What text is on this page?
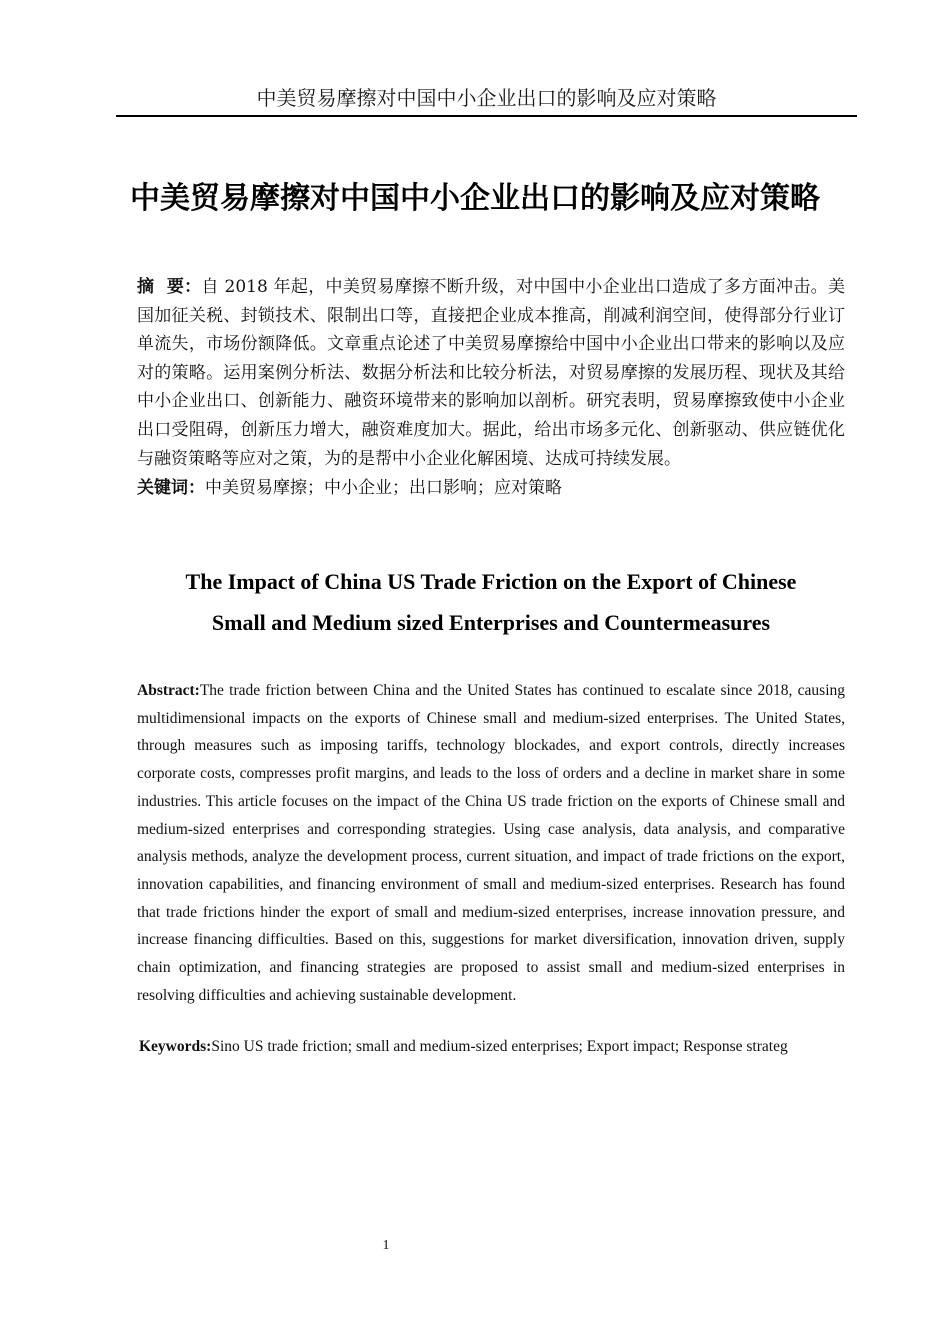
中美贸易摩擦对中国中小企业出口的影响及应对策略
中美贸易摩擦对中国中小企业出口的影响及应对策略

摘  要：自 2018 年起，中美贸易摩擦不断升级，对中国中小企业出口造成了多方面冲击。美国加征关税、封锁技术、限制出口等，直接把企业成本推高，削减利润空间，使得部分行业订单流失，市场份额降低。文章重点论述了中美贸易摩擦给中国中小企业出口带来的影响以及应对的策略。运用案例分析法、数据分析法和比较分析法，对贸易摩擦的发展历程、现状及其给中小企业出口、创新能力、融资环境带来的影响加以剖析。研究表明，贸易摩擦致使中小企业出口受阻碍，创新压力增大，融资难度加大。据此，给出市场多元化、创新驱动、供应链优化与融资策略等应对之策，为的是帮中小企业化解困境、达成可持续发展。

关键词：中美贸易摩擦；中小企业；出口影响；应对策略

The Impact of China US Trade Friction on the Export of Chinese
Small and Medium sized Enterprises and Countermeasures

Abstract:The trade friction between China and the United States has continued to escalate since 2018, causing multidimensional impacts on the exports of Chinese small and medium-sized enterprises. The United States, through measures such as imposing tariffs, technology blockades, and export controls, directly increases corporate costs, compresses profit margins, and leads to the loss of orders and a decline in market share in some industries. This article focuses on the impact of the China US trade friction on the exports of Chinese small and medium-sized enterprises and corresponding strategies. Using case analysis, data analysis, and comparative analysis methods, analyze the development process, current situation, and impact of trade frictions on the export, innovation capabilities, and financing environment of small and medium-sized enterprises. Research has found that trade frictions hinder the export of small and medium-sized enterprises, increase innovation pressure, and increase financing difficulties. Based on this, suggestions for market diversification, innovation driven, supply chain optimization, and financing strategies are proposed to assist small and medium-sized enterprises in resolving difficulties and achieving sustainable development.

Keywords:Sino US trade friction; small and medium-sized enterprises; Export impact; Response strateg

1
